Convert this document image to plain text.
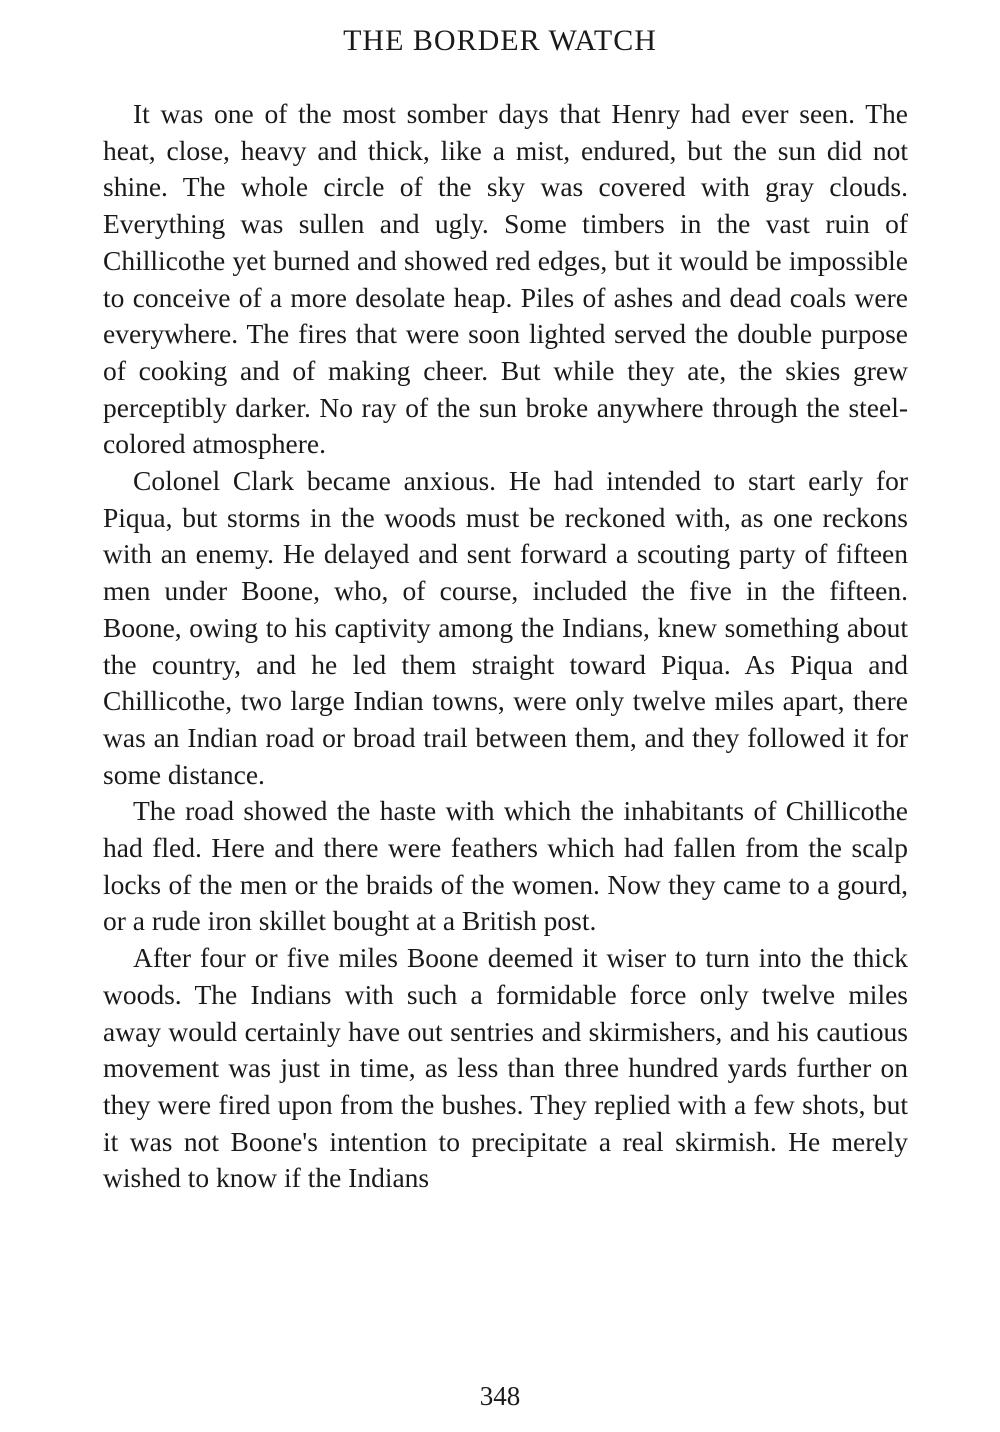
THE BORDER WATCH

It was one of the most somber days that Henry had ever seen. The heat, close, heavy and thick, like a mist, endured, but the sun did not shine. The whole circle of the sky was covered with gray clouds. Everything was sullen and ugly. Some timbers in the vast ruin of Chillicothe yet burned and showed red edges, but it would be impossible to conceive of a more desolate heap. Piles of ashes and dead coals were everywhere. The fires that were soon lighted served the double purpose of cooking and of making cheer. But while they ate, the skies grew perceptibly darker. No ray of the sun broke anywhere through the steel-colored atmosphere.

Colonel Clark became anxious. He had intended to start early for Piqua, but storms in the woods must be reckoned with, as one reckons with an enemy. He delayed and sent forward a scouting party of fifteen men under Boone, who, of course, included the five in the fifteen. Boone, owing to his captivity among the Indians, knew something about the country, and he led them straight toward Piqua. As Piqua and Chillicothe, two large Indian towns, were only twelve miles apart, there was an Indian road or broad trail between them, and they followed it for some distance.

The road showed the haste with which the inhabitants of Chillicothe had fled. Here and there were feathers which had fallen from the scalp locks of the men or the braids of the women. Now they came to a gourd, or a rude iron skillet bought at a British post.

After four or five miles Boone deemed it wiser to turn into the thick woods. The Indians with such a formidable force only twelve miles away would certainly have out sentries and skirmishers, and his cautious movement was just in time, as less than three hundred yards further on they were fired upon from the bushes. They replied with a few shots, but it was not Boone's intention to precipitate a real skirmish. He merely wished to know if the Indians

348
